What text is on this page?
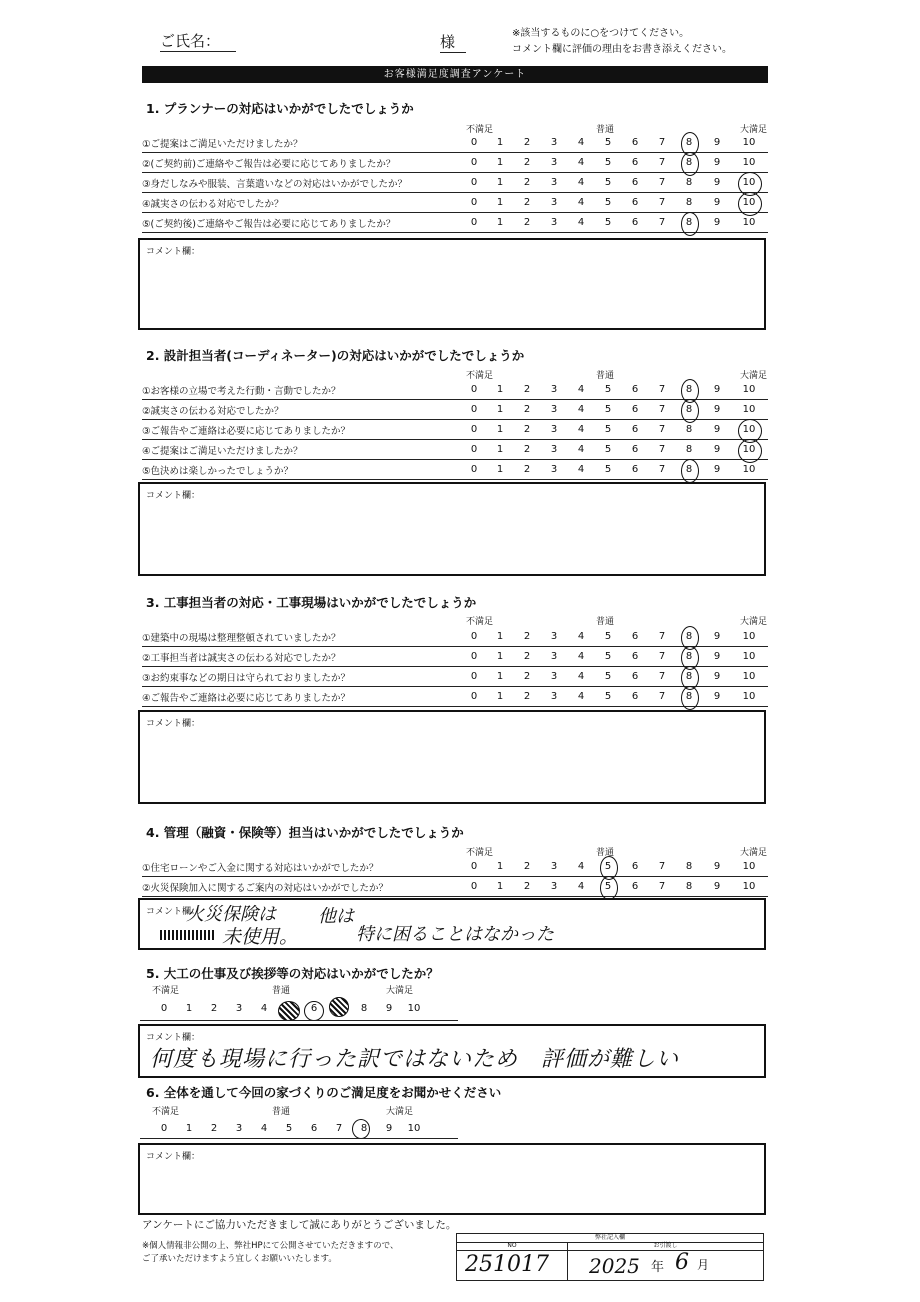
ご氏名：	様	※該当するものに○をつけてください。
コメント欄に評価の理由をお書き添えください。
お客様満足度調査アンケート
1. プランナーの対応はいかがでしたでしょうか
不満足	普通	大満足
①ご提案はご満足いただけましたか？	0	1	2	3	4	5	6	7	8	9	10
②(ご契約前)ご連絡やご報告は必要に応じてありましたか？	0	1	2	3	4	5	6	7	8	9	10
③身だしなみや服装、言葉遣いなどの対応はいかがでしたか？	0	1	2	3	4	5	6	7	8	9	10
④誠実さの伝わる対応でしたか？	0	1	2	3	4	5	6	7	8	9	10
⑤(ご契約後)ご連絡やご報告は必要に応じてありましたか？	0	1	2	3	4	5	6	7	8	9	10
コメント欄：
2. 設計担当者(コーディネーター)の対応はいかがでしたでしょうか
不満足	普通	大満足
①お客様の立場で考えた行動・言動でしたか？	0	1	2	3	4	5	6	7	8	9	10
②誠実さの伝わる対応でしたか？	0	1	2	3	4	5	6	7	8	9	10
③ご報告やご連絡は必要に応じてありましたか？	0	1	2	3	4	5	6	7	8	9	10
④ご提案はご満足いただけましたか？	0	1	2	3	4	5	6	7	8	9	10
⑤色決めは楽しかったでしょうか？	0	1	2	3	4	5	6	7	8	9	10
コメント欄：
3. 工事担当者の対応・工事現場はいかがでしたでしょうか
不満足	普通	大満足
①建築中の現場は整理整頓されていましたか？	0	1	2	3	4	5	6	7	8	9	10
②工事担当者は誠実さの伝わる対応でしたか？	0	1	2	3	4	5	6	7	8	9	10
③お約束事などの期日は守られておりましたか？	0	1	2	3	4	5	6	7	8	9	10
④ご報告やご連絡は必要に応じてありましたか？	0	1	2	3	4	5	6	7	8	9	10
コメント欄：
4. 管理（融資・保険等）担当はいかがでしたでしょうか
不満足	普通	大満足
①住宅ローンやご入金に関する対応はいかがでしたか？	0	1	2	3	4	5	6	7	8	9	10
②火災保険加入に関するご案内の対応はいかがでしたか？	0	1	2	3	4	5	6	7	8	9	10
コメント欄：
火災保険は
未使用。
他は
特に困ることはなかった
5. 大工の仕事及び挨拶等の対応はいかがでしたか？
不満足	普通	大満足
0	1	2	3	4	6	8	9	10
コメント欄：
何度も現場に行った訳ではないため　評価が難しい
6. 全体を通して今回の家づくりのご満足度をお聞かせください
不満足	普通	大満足
0	1	2	3	4	5	6	7	8	9	10
コメント欄：
アンケートにご協力いただきまして誠にありがとうございました。
※個人情報非公開の上、弊社HPにて公開させていただきますので、
ご了承いただけますよう宜しくお願いいたします。
弊社記入欄
NO	お引渡し
251017 2025 年 6 月
